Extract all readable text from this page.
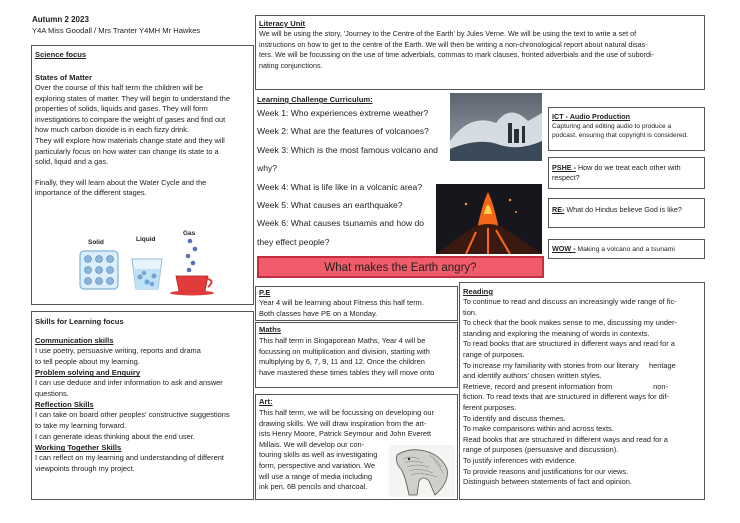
Autumn 2 2023
Y4A Miss Goodall / Mrs Tranter Y4MH Mr Hawkes
Science focus
States of Matter

Over the course of this half term the children will be

exploring states of matter. They will begin to understand the

properties of solids, liquids and gases. They will form

investigations to compare the weight of gases and find out

how much carbon dioxide is in each fizzy drink.

They will explore how materials change state and they will

particularly focus on how water can change its state to a

solid, liquid and a gas.

Finally, they will learn about the Water Cycle and the

importance of the different stages.

Solid	Liquid
Gas
Skills for Learning focus
Communication skills

I use poetry, persuasive writing, reports and drama

to tell people about my learning.

Problem solving and Enquiry

I can use deduce and infer information to ask and answer

questions.

Reflection Skills

I can take on board other peoples' constructive suggestions

to take my learning forward.

I can generate ideas thinking about the end user.

Working Together Skills

I can reflect on my learning and understanding of different

viewpoints through my project.

Literacy Unit

We will be using the story, 'Journey to the Centre of the Earth' by Jules Verne. We will be using the text to write a set of

instructions on how to get to the centre of the Earth. We will then be writing a non-chronological report about natural disas-

ters. We will be focussing on the use of time adverbials, commas to mark clauses, fronted adverbials and the use of subordi-

nating conjunctions.

Learning Challenge Curriculum:

Week 1: Who experiences extreme weather?

Week 2: What are the features of volcanoes?

Week 3: Which is the most famous volcano and

why?

Week 4: What is life like in a volcanic area?

Week 5: What causes an earthquake?

Week 6: What causes tsunamis and how do

they effect people?

What makes the Earth angry?
ICT - Audio Production

Capturing and editing audio to produce a

podcast, ensuring that copyright is considered.

PSHE - How do we treat each other with

respect?

RE- What do Hindus believe God is like?
WOW - Making a volcano and a tsunami
P.E

Year 4 will be learning about Fitness this half term.

Both classes have PE on a Monday.

Maths

This half term in Singaporean Maths, Year 4 will be

focussing on multiplication and division, starting with

multiplying by 6, 7, 9, 11 and 12. Once the children

have mastered these times tables they will move onto

Art:

This half term, we will be focussing on developing our

drawing skills. We will draw inspiration from the art-

ists Henry Moore, Patrick Seymour and John Everett

Millais. We will develop our con-

touring skills as well as investigating

form, perspective and variation. We

will use a range of media including

ink pen, 6B pencils and charcoal.

Reading

To continue to read and discuss an increasingly wide range of fic-

tion.

To check that the book makes sense to me, discussing my under-

standing and exploring the meaning of words in contexts.

To read books that are structured in different ways and read for a

range of purposes.

To increase my familiarity with stories from our literary     heritage

and identify authors' chosen written styles.

Retrieve, record and present information from                    non-

fiction. To read texts that are structured in different ways for dif-

ferent purposes.

To identify and discuss themes.

To make comparisons within and across texts.

Read books that are structured in different ways and read for a

range of purposes (persuasive and discussion).

To justify inferences with evidence.

To provide reasons and justifications for our views.

Distinguish between statements of fact and opinion.
